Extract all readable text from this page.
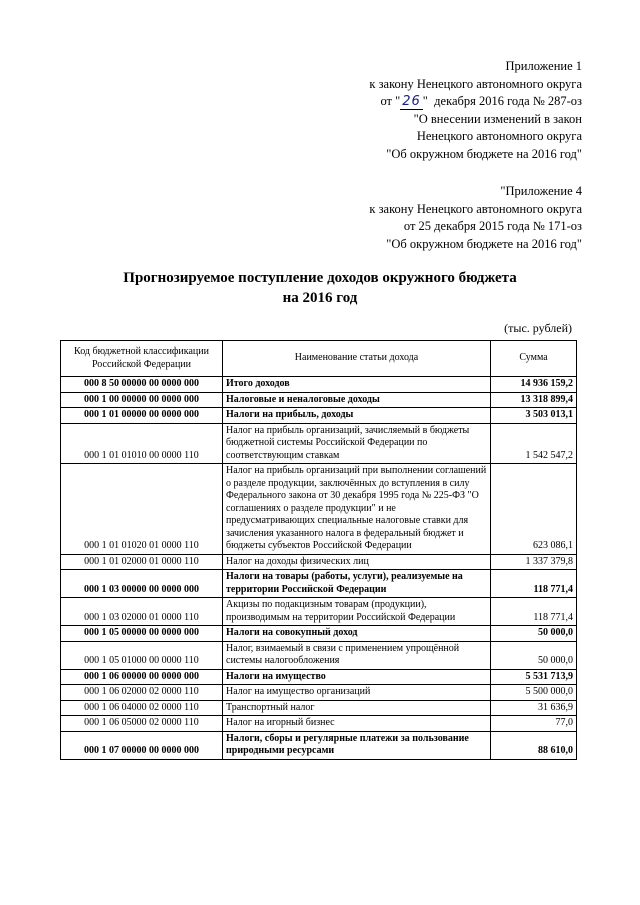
Приложение 1
к закону Ненецкого автономного округа
от " 26 " декабря 2016 года № 287-оз
"О внесении изменений в закон
Ненецкого автономного округа
"Об окружном бюджете на 2016 год"
"Приложение 4
к закону Ненецкого автономного округа
от 25 декабря 2015 года № 171-оз
"Об окружном бюджете на 2016 год"
Прогнозируемое поступление доходов окружного бюджета
на 2016 год
(тыс. рублей)
Код бюджетной классификации Российской Федерации	Наименование статьи дохода	Сумма
000 8 50 00000 00 0000 000	Итого доходов	14 936 159,2
000 1 00 00000 00 0000 000	Налоговые и неналоговые доходы	13 318 899,4
000 1 01 00000 00 0000 000	Налоги на прибыль, доходы	3 503 013,1
000 1 01 01010 00 0000 110	Налог на прибыль организаций, зачисляемый в бюджеты бюджетной системы Российской Федерации по соответствующим ставкам	1 542 547,2
000 1 01 01020 01 0000 110	Налог на прибыль организаций при выполнении соглашений о разделе продукции, заключённых до вступления в силу Федерального закона от 30 декабря 1995 года № 225-ФЗ "О соглашениях о разделе продукции" и не предусматривающих специальные налоговые ставки для зачисления указанного налога в федеральный бюджет и бюджеты субъектов Российской Федерации	623 086,1
000 1 01 02000 01 0000 110	Налог на доходы физических лиц	1 337 379,8
000 1 03 00000 00 0000 000	Налоги на товары (работы, услуги), реализуемые на территории Российской Федерации	118 771,4
000 1 03 02000 01 0000 110	Акцизы по подакцизным товарам (продукции), производимым на территории Российской Федерации	118 771,4
000 1 05 00000 00 0000 000	Налоги на совокупный доход	50 000,0
000 1 05 01000 00 0000 110	Налог, взимаемый в связи с применением упрощённой системы налогообложения	50 000,0
000 1 06 00000 00 0000 000	Налоги на имущество	5 531 713,9
000 1 06 02000 02 0000 110	Налог на имущество организаций	5 500 000,0
000 1 06 04000 02 0000 110	Транспортный налог	31 636,9
000 1 06 05000 02 0000 110	Налог на игорный бизнес	77,0
000 1 07 00000 00 0000 000	Налоги, сборы и регулярные платежи за пользование природными ресурсами	88 610,0
